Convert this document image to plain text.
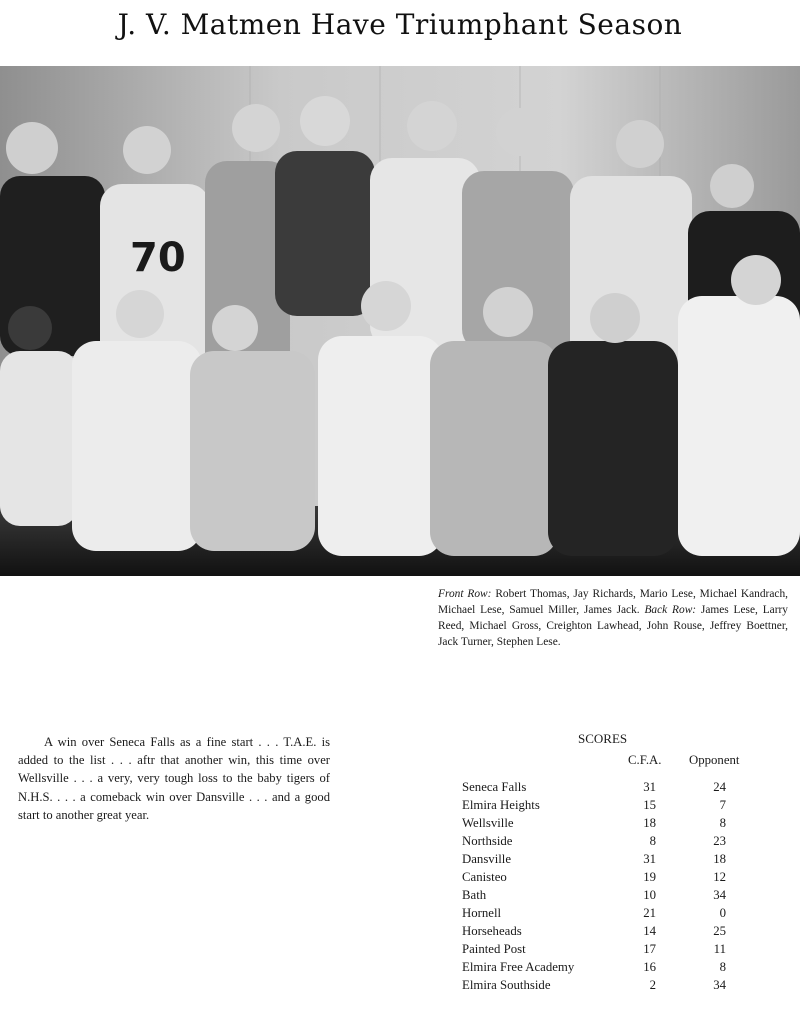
J. V. Matmen Have Triumphant Season
70
Front Row: Robert Thomas, Jay Richards, Mario Lese, Michael Kandrach, Michael Lese, Samuel Miller, James Jack. Back Row: James Lese, Larry Reed, Michael Gross, Creighton Lawhead, John Rouse, Jeffrey Boettner, Jack Turner, Stephen Lese.
A win over Seneca Falls as a fine start . . . T.A.E. is added to the list . . . aftr that another win, this time over Wellsville . . . a very, very tough loss to the baby tigers of N.H.S. . . . a comeback win over Dansville . . . and a good start to another great year.
SCORES
C.F.A. Opponent
Seneca Falls	31	24
Elmira Heights	15	7
Wellsville	18	8
Northside	8	23
Dansville	31	18
Canisteo	19	12
Bath	10	34
Hornell	21	0
Horseheads	14	25
Painted Post	17	11
Elmira Free Academy	16	8
Elmira Southside	2	34
